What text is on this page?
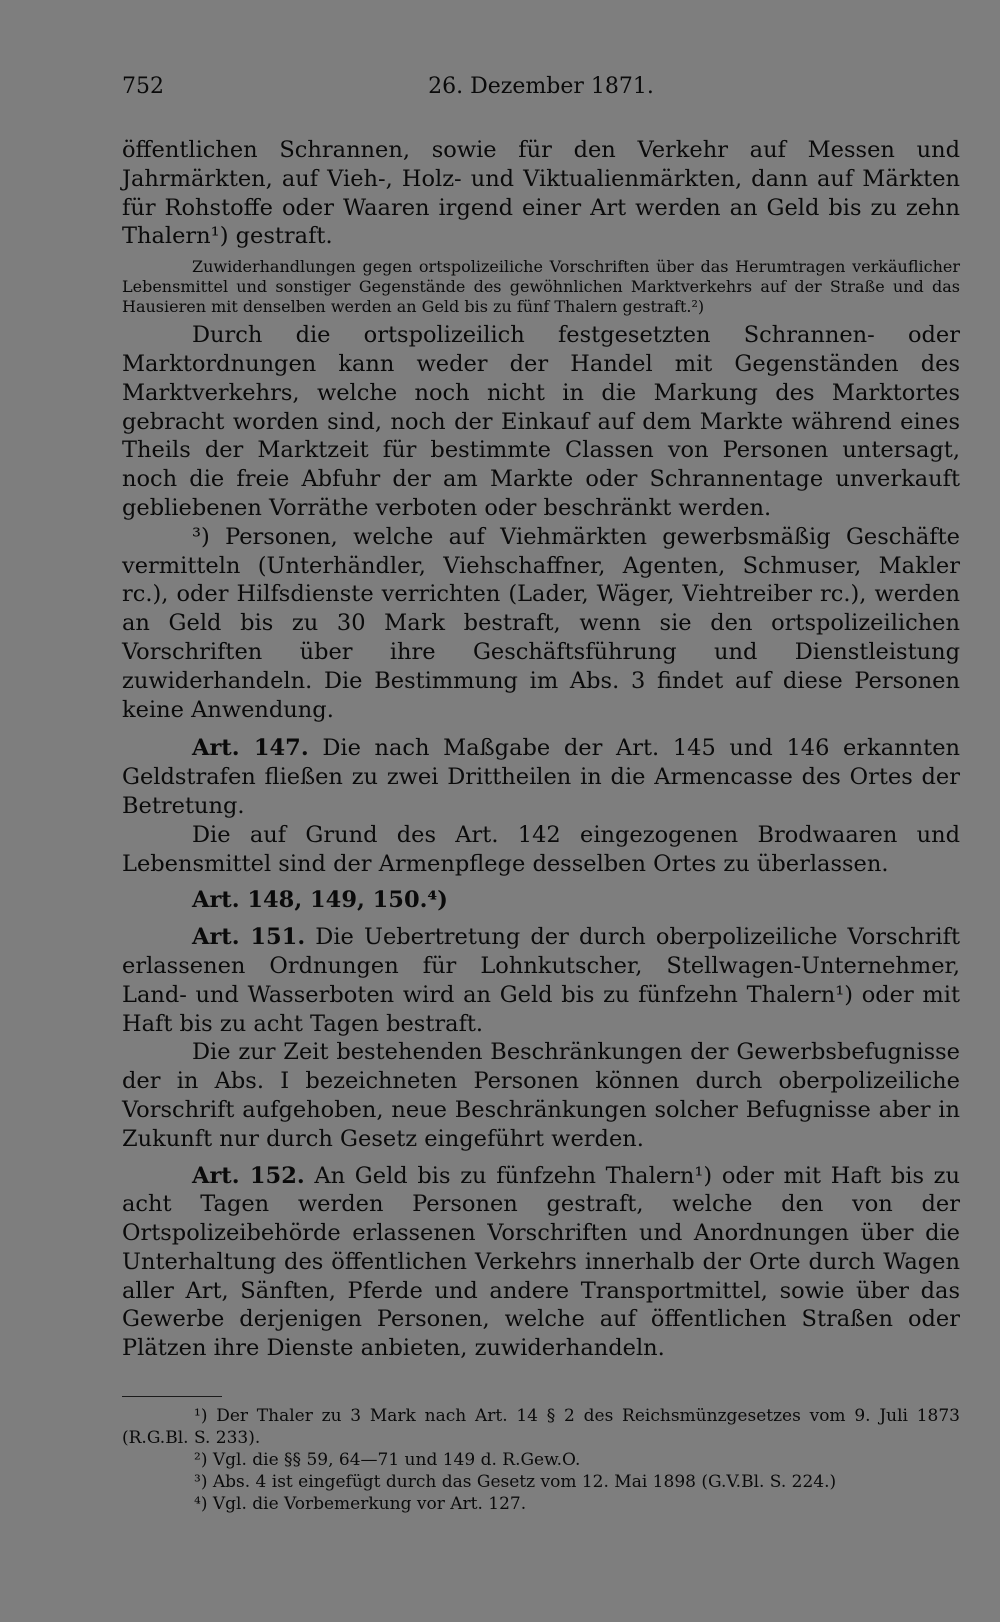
752	26. Dezember 1871.

öffentlichen Schrannen, sowie für den Verkehr auf Messen und Jahrmärkten, auf Vieh-, Holz- und Viktualienmärkten, dann auf Märkten für Rohstoffe oder Waaren irgend einer Art werden an Geld bis zu zehn Thalern¹) gestraft.

Zuwiderhandlungen gegen ortspolizeiliche Vorschriften über das Herumtragen verkäuflicher Lebensmittel und sonstiger Gegenstände des gewöhnlichen Marktverkehrs auf der Straße und das Hausieren mit denselben werden an Geld bis zu fünf Thalern gestraft.²)

Durch die ortspolizeilich festgesetzten Schrannen- oder Marktordnungen kann weder der Handel mit Gegenständen des Marktverkehrs, welche noch nicht in die Markung des Marktortes gebracht worden sind, noch der Einkauf auf dem Markte während eines Theils der Marktzeit für bestimmte Classen von Personen untersagt, noch die freie Abfuhr der am Markte oder Schrannentage unverkauft gebliebenen Vorräthe verboten oder beschränkt werden.

³) Personen, welche auf Viehmärkten gewerbsmäßig Geschäfte vermitteln (Unterhändler, Viehschaffner, Agenten, Schmuser, Makler rc.), oder Hilfsdienste verrichten (Lader, Wäger, Viehtreiber rc.), werden an Geld bis zu 30 Mark bestraft, wenn sie den ortspolizeilichen Vorschriften über ihre Geschäftsführung und Dienstleistung zuwiderhandeln. Die Bestimmung im Abs. 3 findet auf diese Personen keine Anwendung.

Art. 147. Die nach Maßgabe der Art. 145 und 146 erkannten Geldstrafen fließen zu zwei Drittheilen in die Armencasse des Ortes der Betretung.

Die auf Grund des Art. 142 eingezogenen Brodwaaren und Lebensmittel sind der Armenpflege desselben Ortes zu überlassen.

Art. 148, 149, 150.⁴)

Art. 151. Die Uebertretung der durch oberpolizeiliche Vorschrift erlassenen Ordnungen für Lohnkutscher, Stellwagen-Unternehmer, Land- und Wasserboten wird an Geld bis zu fünfzehn Thalern¹) oder mit Haft bis zu acht Tagen bestraft.

Die zur Zeit bestehenden Beschränkungen der Gewerbsbefugnisse der in Abs. I bezeichneten Personen können durch oberpolizeiliche Vorschrift aufgehoben, neue Beschränkungen solcher Befugnisse aber in Zukunft nur durch Gesetz eingeführt werden.

Art. 152. An Geld bis zu fünfzehn Thalern¹) oder mit Haft bis zu acht Tagen werden Personen gestraft, welche den von der Ortspolizeibehörde erlassenen Vorschriften und Anordnungen über die Unterhaltung des öffentlichen Verkehrs innerhalb der Orte durch Wagen aller Art, Sänften, Pferde und andere Transportmittel, sowie über das Gewerbe derjenigen Personen, welche auf öffentlichen Straßen oder Plätzen ihre Dienste anbieten, zuwiderhandeln.

¹) Der Thaler zu 3 Mark nach Art. 14 § 2 des Reichsmünzgesetzes vom 9. Juli 1873 (R.G.Bl. S. 233).

²) Vgl. die §§ 59, 64—71 und 149 d. R.Gew.O.

³) Abs. 4 ist eingefügt durch das Gesetz vom 12. Mai 1898 (G.V.Bl. S. 224.)

⁴) Vgl. die Vorbemerkung vor Art. 127.
